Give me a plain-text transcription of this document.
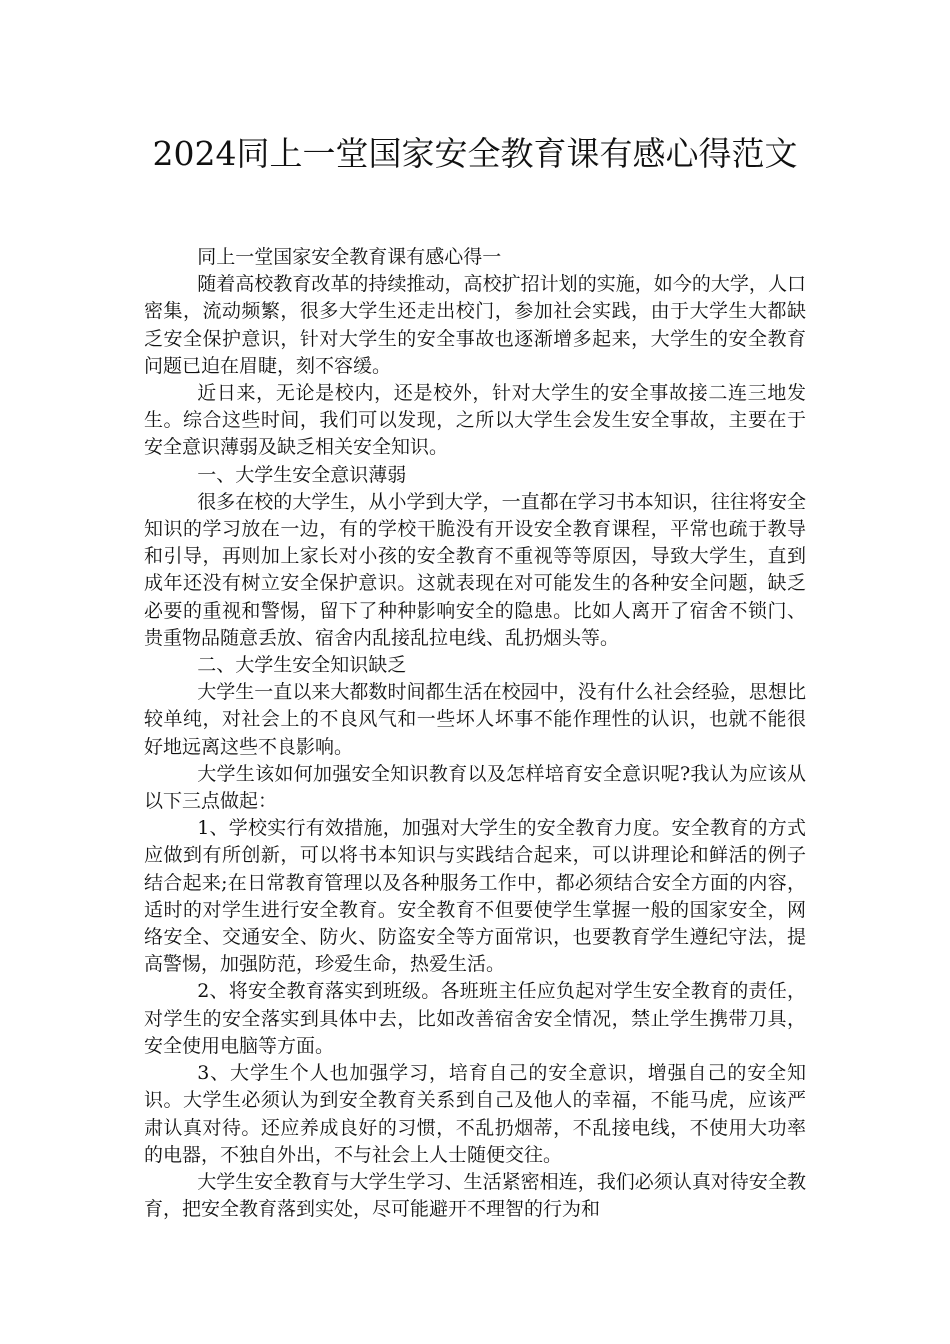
2024同上一堂国家安全教育课有感心得范文

同上一堂国家安全教育课有感心得一

随着高校教育改革的持续推动，高校扩招计划的实施，如今的大学，人口密集，流动频繁，很多大学生还走出校门，参加社会实践，由于大学生大都缺乏安全保护意识，针对大学生的安全事故也逐渐增多起来，大学生的安全教育问题已迫在眉睫，刻不容缓。

近日来，无论是校内，还是校外，针对大学生的安全事故接二连三地发生。综合这些时间，我们可以发现，之所以大学生会发生安全事故，主要在于安全意识薄弱及缺乏相关安全知识。

一、大学生安全意识薄弱

很多在校的大学生，从小学到大学，一直都在学习书本知识，往往将安全知识的学习放在一边，有的学校干脆没有开设安全教育课程，平常也疏于教导和引导，再则加上家长对小孩的安全教育不重视等等原因，导致大学生，直到成年还没有树立安全保护意识。这就表现在对可能发生的各种安全问题，缺乏必要的重视和警惕，留下了种种影响安全的隐患。比如人离开了宿舍不锁门、贵重物品随意丢放、宿舍内乱接乱拉电线、乱扔烟头等。

二、大学生安全知识缺乏

大学生一直以来大都数时间都生活在校园中，没有什么社会经验，思想比较单纯，对社会上的不良风气和一些坏人坏事不能作理性的认识，也就不能很好地远离这些不良影响。

大学生该如何加强安全知识教育以及怎样培育安全意识呢?我认为应该从以下三点做起：

1、学校实行有效措施，加强对大学生的安全教育力度。安全教育的方式应做到有所创新，可以将书本知识与实践结合起来，可以讲理论和鲜活的例子结合起来;在日常教育管理以及各种服务工作中，都必须结合安全方面的内容，适时的对学生进行安全教育。安全教育不但要使学生掌握一般的国家安全，网络安全、交通安全、防火、防盗安全等方面常识，也要教育学生遵纪守法，提高警惕，加强防范，珍爱生命，热爱生活。

2、将安全教育落实到班级。各班班主任应负起对学生安全教育的责任，对学生的安全落实到具体中去，比如改善宿舍安全情况，禁止学生携带刀具，安全使用电脑等方面。

3、大学生个人也加强学习，培育自己的安全意识，增强自己的安全知识。大学生必须认为到安全教育关系到自己及他人的幸福，不能马虎，应该严肃认真对待。还应养成良好的习惯，不乱扔烟蒂，不乱接电线，不使用大功率的电器，不独自外出，不与社会上人士随便交往。

大学生安全教育与大学生学习、生活紧密相连，我们必须认真对待安全教育，把安全教育落到实处，尽可能避开不理智的行为和
